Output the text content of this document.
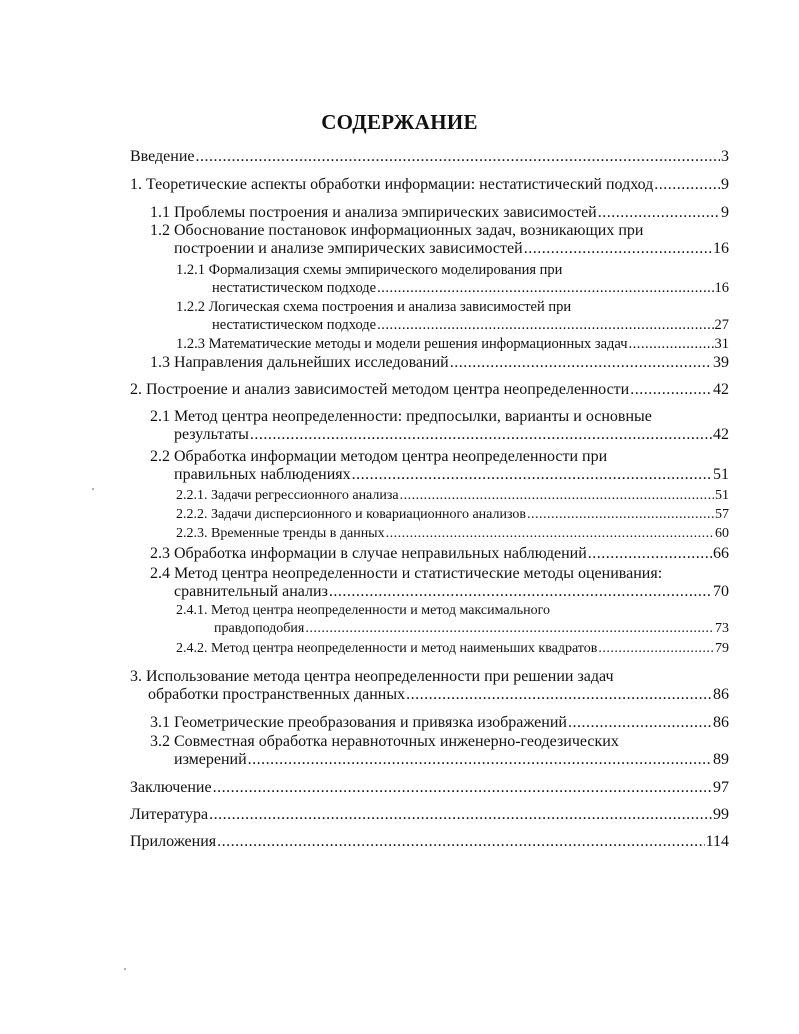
СОДЕРЖАНИЕ
Введение .....	3
1. Теоретические аспекты обработки информации: нестатистический подход .....	9
1.1 Проблемы построения и анализа эмпирических зависимостей .....	9
1.2 Обоснование постановок информационных задач, возникающих при
построении и анализе эмпирических зависимостей .....	16
1.2.1 Формализация схемы эмпирического моделирования при
нестатистическом подходе .....	16
1.2.2 Логическая схема построения и анализа зависимостей при
нестатистическом подходе .....	27
1.2.3 Математические методы и модели решения информационных задач .....	31
1.3 Направления дальнейших исследований .....	39
2. Построение и анализ зависимостей методом центра неопределенности .....	42
2.1 Метод центра неопределенности: предпосылки, варианты и основные
результаты .....	42
2.2 Обработка информации методом центра неопределенности при
правильных наблюдениях .....	51
2.2.1. Задачи регрессионного анализа .....	51
2.2.2. Задачи дисперсионного и ковариационного анализов .....	57
2.2.3. Временные тренды в данных .....	60
2.3 Обработка информации в случае неправильных наблюдений .....	66
2.4 Метод центра неопределенности и статистические методы оценивания:
сравнительный анализ .....	70
2.4.1. Метод центра неопределенности и метод максимального
правдоподобия .....	73
2.4.2. Метод центра неопределенности и метод наименьших квадратов .....	79
3. Использование метода центра неопределенности при решении задач
обработки пространственных данных .....	86
3.1 Геометрические преобразования и привязка изображений .....	86
3.2 Совместная обработка неравноточных инженерно-геодезических
измерений .....	89
Заключение .....	97
Литература .....	99
Приложения .....	114
